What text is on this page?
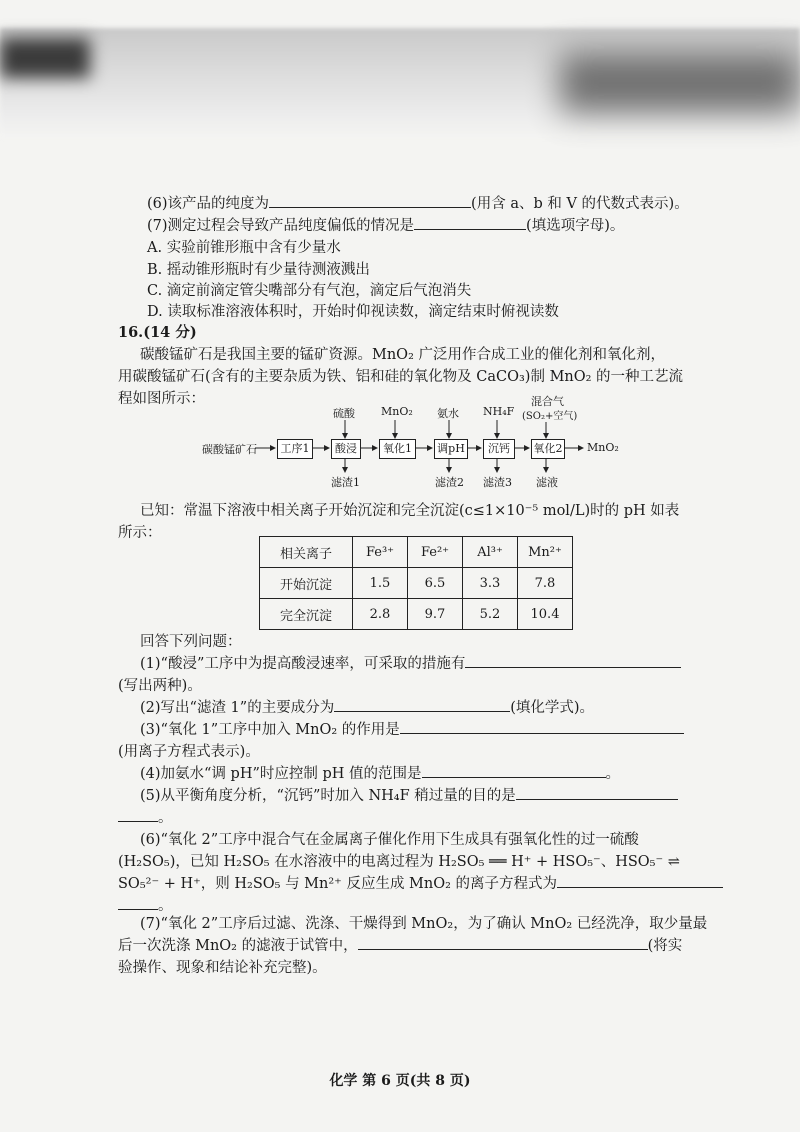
(6)该产品的纯度为	(用含 a、b 和 V 的代数式表示)。
(7)测定过程会导致产品纯度偏低的情况是	(填选项字母)。
A. 实验前锥形瓶中含有少量水
B. 摇动锥形瓶时有少量待测液溅出
C. 滴定前滴定管尖嘴部分有气泡，滴定后气泡消失
D. 读取标准溶液体积时，开始时仰视读数，滴定结束时俯视读数
16.(14 分)
碳酸锰矿石是我国主要的锰矿资源。MnO₂ 广泛用作合成工业的催化剂和氧化剂，
用碳酸锰矿石(含有的主要杂质为铁、铝和硅的氧化物及 CaCO₃)制 MnO₂ 的一种工艺流
程如图所示：
碳酸锰矿石	工序1	酸浸	氧化1	调pH	沉钙	氧化2 MnO₂
硫酸 MnO₂ 氨水 NH₄F
混合气
(SO₂+空气)
滤渣1	滤渣2 滤渣3 滤液
已知：常温下溶液中相关离子开始沉淀和完全沉淀(c≤1×10⁻⁵ mol/L)时的 pH 如表
所示：
相关离子	Fe³⁺	Fe²⁺	Al³⁺	Mn²⁺
开始沉淀	1.5	6.5	3.3	7.8
完全沉淀	2.8	9.7	5.2	10.4
回答下列问题：
(1)“酸浸”工序中为提高酸浸速率，可采取的措施有
(写出两种)。
(2)写出“滤渣 1”的主要成分为	(填化学式)。
(3)“氧化 1”工序中加入 MnO₂ 的作用是
(用离子方程式表示)。
(4)加氨水“调 pH”时应控制 pH 值的范围是	。
(5)从平衡角度分析，“沉钙”时加入 NH₄F 稍过量的目的是
。
(6)“氧化 2”工序中混合气在金属离子催化作用下生成具有强氧化性的过一硫酸
(H₂SO₅)，已知 H₂SO₅ 在水溶液中的电离过程为 H₂SO₅ ══ H⁺ + HSO₅⁻、HSO₅⁻ ⇌
SO₅²⁻ + H⁺，则 H₂SO₅ 与 Mn²⁺ 反应生成 MnO₂ 的离子方程式为
。
(7)“氧化 2”工序后过滤、洗涤、干燥得到 MnO₂，为了确认 MnO₂ 已经洗净，取少量最
后一次洗涤 MnO₂ 的滤液于试管中，	(将实
验操作、现象和结论补充完整)。
化学 第 6 页(共 8 页)
